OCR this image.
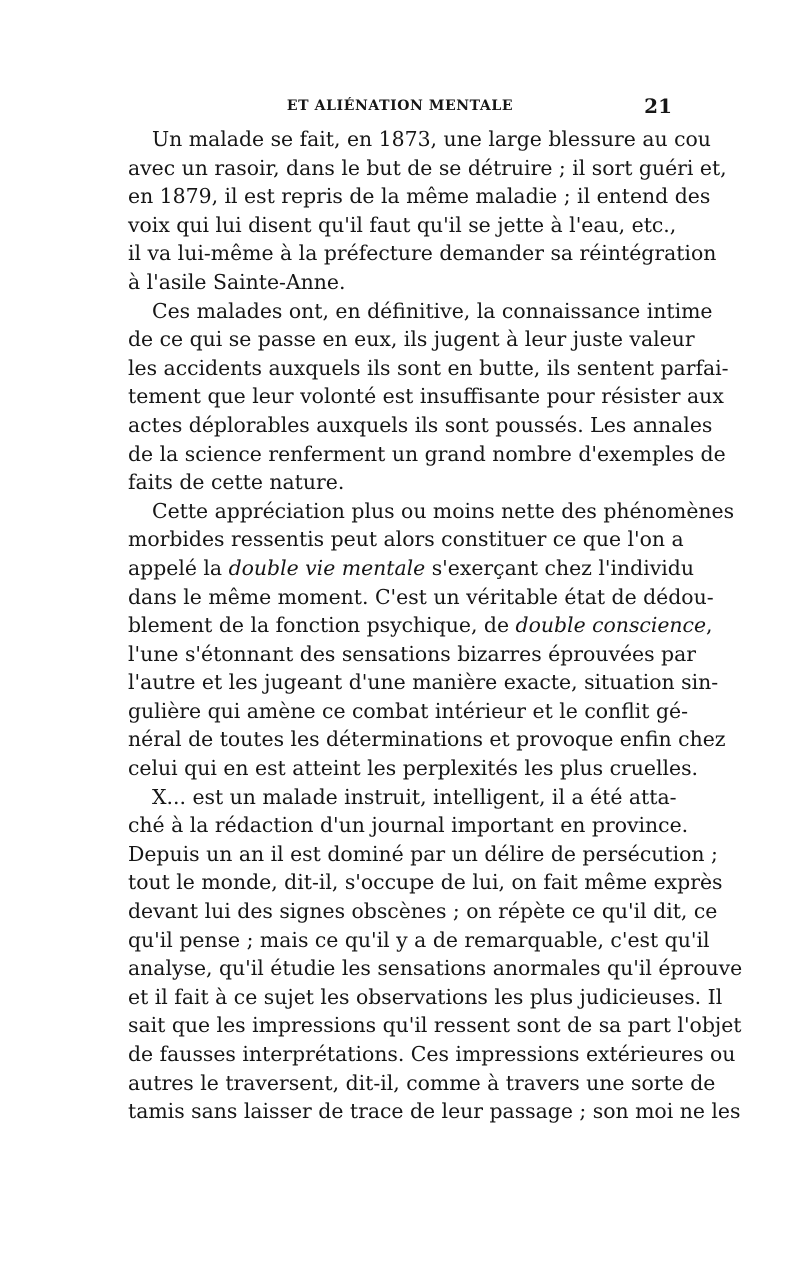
ET ALIÉNATION MENTALE	21
Un malade se fait, en 1873, une large blessure au cou
avec un rasoir, dans le but de se détruire ; il sort guéri et,
en 1879, il est repris de la même maladie ; il entend des
voix qui lui disent qu'il faut qu'il se jette à l'eau, etc.,
il va lui-même à la préfecture demander sa réintégration
à l'asile Sainte-Anne.
Ces malades ont, en définitive, la connaissance intime
de ce qui se passe en eux, ils jugent à leur juste valeur
les accidents auxquels ils sont en butte, ils sentent parfai-
tement que leur volonté est insuffisante pour résister aux
actes déplorables auxquels ils sont poussés. Les annales
de la science renferment un grand nombre d'exemples de
faits de cette nature.
Cette appréciation plus ou moins nette des phénomènes
morbides ressentis peut alors constituer ce que l'on a
appelé la double vie mentale s'exerçant chez l'individu
dans le même moment. C'est un véritable état de dédou-
blement de la fonction psychique, de double conscience,
l'une s'étonnant des sensations bizarres éprouvées par
l'autre et les jugeant d'une manière exacte, situation sin-
gulière qui amène ce combat intérieur et le conflit gé-
néral de toutes les déterminations et provoque enfin chez
celui qui en est atteint les perplexités les plus cruelles.
X... est un malade instruit, intelligent, il a été atta-
ché à la rédaction d'un journal important en province.
Depuis un an il est dominé par un délire de persécution ;
tout le monde, dit-il, s'occupe de lui, on fait même exprès
devant lui des signes obscènes ; on répète ce qu'il dit, ce
qu'il pense ; mais ce qu'il y a de remarquable, c'est qu'il
analyse, qu'il étudie les sensations anormales qu'il éprouve
et il fait à ce sujet les observations les plus judicieuses. Il
sait que les impressions qu'il ressent sont de sa part l'objet
de fausses interprétations. Ces impressions extérieures ou
autres le traversent, dit-il, comme à travers une sorte de
tamis sans laisser de trace de leur passage ; son moi ne les
